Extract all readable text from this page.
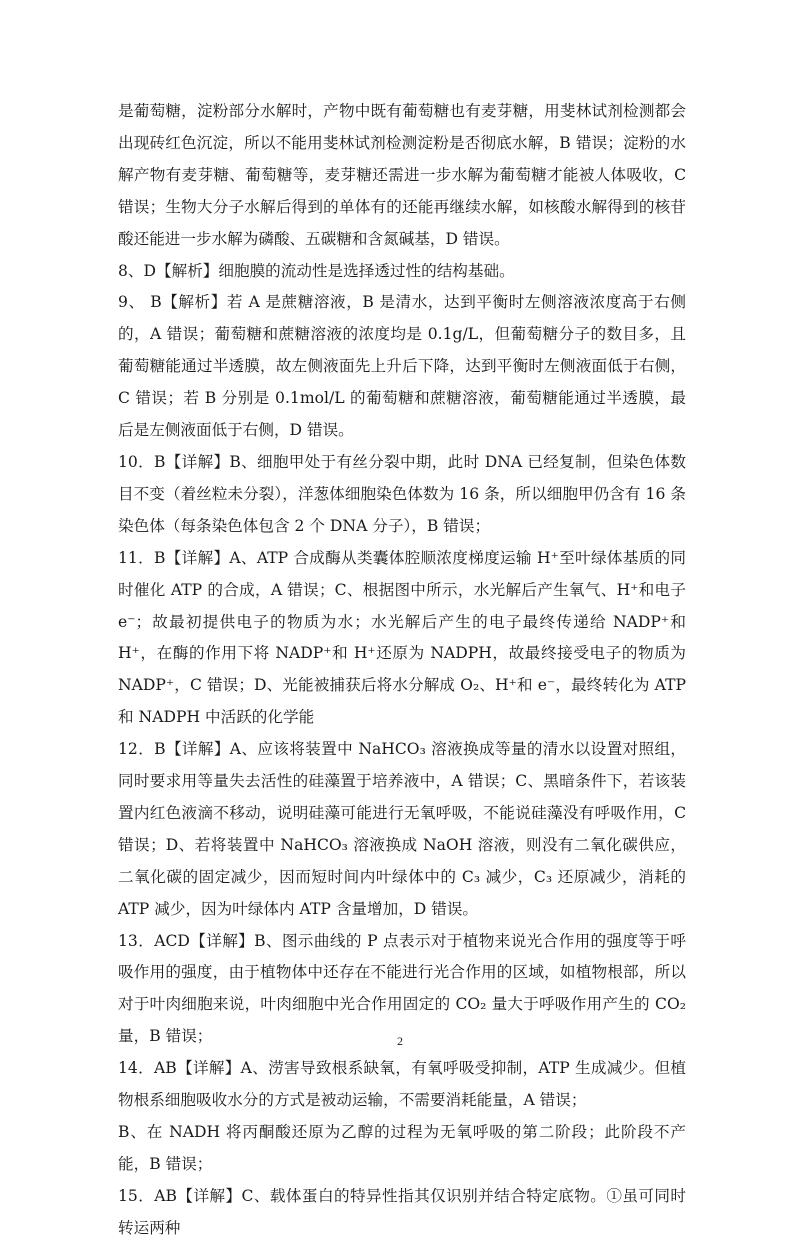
是葡萄糖，淀粉部分水解时，产物中既有葡萄糖也有麦芽糖，用斐林试剂检测都会出现砖红色沉淀，所以不能用斐林试剂检测淀粉是否彻底水解，B 错误；淀粉的水解产物有麦芽糖、葡萄糖等，麦芽糖还需进一步水解为葡萄糖才能被人体吸收，C 错误；生物大分子水解后得到的单体有的还能再继续水解，如核酸水解得到的核苷酸还能进一步水解为磷酸、五碳糖和含氮碱基，D 错误。

8、D【解析】细胞膜的流动性是选择透过性的结构基础。

9、 B【解析】若 A 是蔗糖溶液，B 是清水，达到平衡时左侧溶液浓度高于右侧的，A 错误；葡萄糖和蔗糖溶液的浓度均是 0.1g/L，但葡萄糖分子的数目多，且葡萄糖能通过半透膜，故左侧液面先上升后下降，达到平衡时左侧液面低于右侧，C 错误；若 B 分别是 0.1mol/L 的葡萄糖和蔗糖溶液，葡萄糖能通过半透膜，最后是左侧液面低于右侧，D 错误。

10．B【详解】B、细胞甲处于有丝分裂中期，此时 DNA 已经复制，但染色体数目不变（着丝粒未分裂），洋葱体细胞染色体数为 16 条，所以细胞甲仍含有 16 条染色体（每条染色体包含 2 个 DNA 分子），B 错误；

11．B【详解】A、ATP 合成酶从类囊体腔顺浓度梯度运输 H⁺至叶绿体基质的同时催化 ATP 的合成，A 错误；C、根据图中所示，水光解后产生氧气、H⁺和电子 e⁻；故最初提供电子的物质为水；水光解后产生的电子最终传递给 NADP⁺和 H⁺，在酶的作用下将 NADP⁺和 H⁺还原为 NADPH，故最终接受电子的物质为 NADP⁺，C 错误；D、光能被捕获后将水分解成 O₂、H⁺和 e⁻，最终转化为 ATP 和 NADPH 中活跃的化学能

12．B【详解】A、应该将装置中 NaHCO₃ 溶液换成等量的清水以设置对照组，同时要求用等量失去活性的硅藻置于培养液中，A 错误；C、黑暗条件下，若该装置内红色液滴不移动，说明硅藻可能进行无氧呼吸，不能说硅藻没有呼吸作用，C 错误；D、若将装置中 NaHCO₃ 溶液换成 NaOH 溶液，则没有二氧化碳供应，二氧化碳的固定减少，因而短时间内叶绿体中的 C₃ 减少，C₃ 还原减少，消耗的 ATP 减少，因为叶绿体内 ATP 含量增加，D 错误。

13．ACD【详解】B、图示曲线的 P 点表示对于植物来说光合作用的强度等于呼吸作用的强度，由于植物体中还存在不能进行光合作用的区域，如植物根部，所以对于叶肉细胞来说，叶肉细胞中光合作用固定的 CO₂ 量大于呼吸作用产生的 CO₂ 量，B 错误；

14．AB【详解】A、涝害导致根系缺氧，有氧呼吸受抑制，ATP 生成减少。但植物根系细胞吸收水分的方式是被动运输，不需要消耗能量，A 错误；

B、在 NADH 将丙酮酸还原为乙醇的过程为无氧呼吸的第二阶段；此阶段不产能，B 错误；

15．AB【详解】C、载体蛋白的特异性指其仅识别并结合特定底物。①虽可同时转运两种

2
